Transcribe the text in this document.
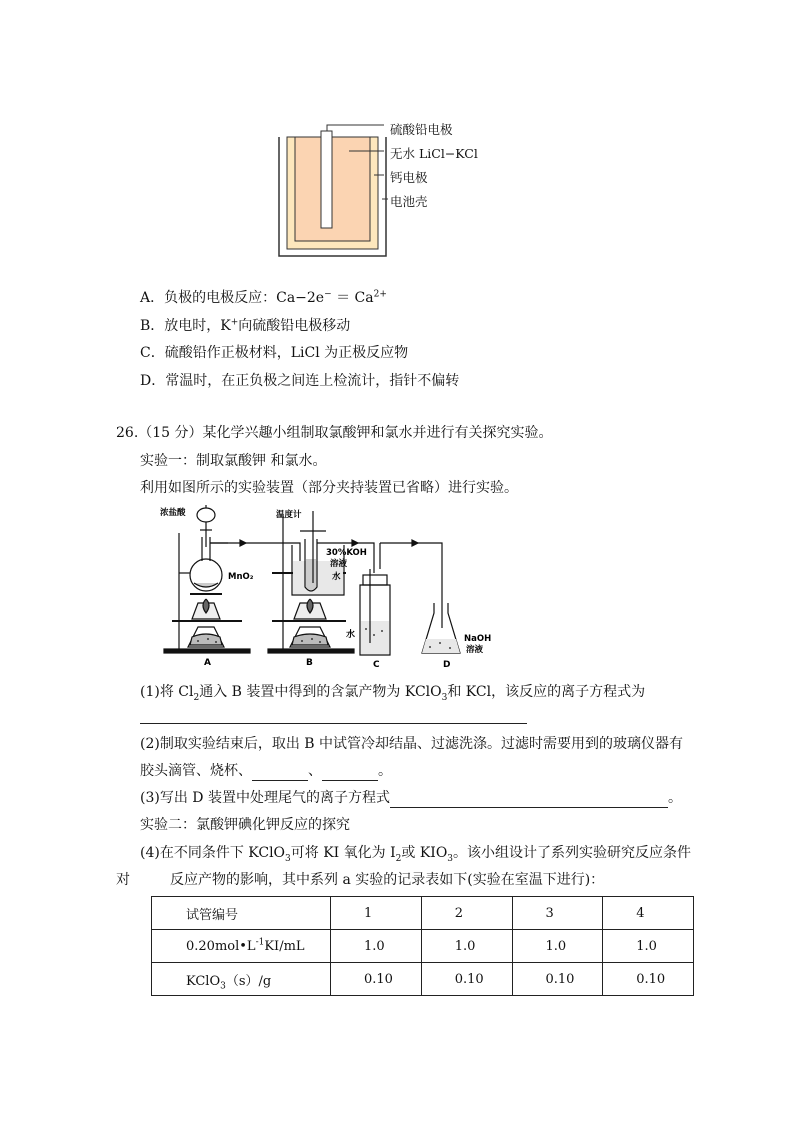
硫酸铅电极
无水 LiCl−KCl
钙电极
电池壳
A．负极的电极反应：$Ca-2e^- = Ca^{2+}$
B．放电时，K+向硫酸铅电极移动
C．硫酸铅作正极材料，LiCl 为正极反应物
D．常温时，在正负极之间连上检流计，指针不偏转
26.（15 分）某化学兴趣小组制取氯酸钾和氯水并进行有关探究实验。
实验一：制取氯酸钾 和氯水。
利用如图所示的实验装置（部分夹持装置已省略）进行实验。
浓盐酸	温度计
MnO₂
30%KOH
溶液
水
水	NaOH
溶液
A	B	C	D
(1)将 $Cl_2$通入 B 装置中得到的含氯产物为 KClO$_3$和 KCl，该反应的离子方程式为
(2)制取实验结束后，取出 B 中试管冷却结晶、过滤洗涤。过滤时需要用到的玻璃仪器有
胶头滴管、烧杯、	、	。
(3)写出 D 装置中处理尾气的离子方程式	。
实验二：氯酸钾碘化钾反应的探究
(4)在不同条件下 KClO$_3$可将 KI 氧化为 $I_2$或 $KIO_3$。该小组设计了系列实验研究反应条件
对	反应产物的影响，其中系列 a 实验的记录表如下(实验在室温下进行)：
试管编号	1	2	3	4
$0.20mol•L^{-1}KI/mL$	1.0	1.0	1.0	1.0
KClO$_3$（s）/g	0.10	0.10	0.10	0.10
